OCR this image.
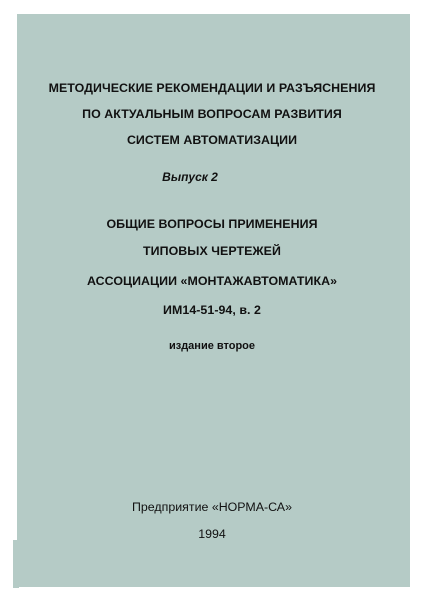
МЕТОДИЧЕСКИЕ РЕКОМЕНДАЦИИ И РАЗЪЯСНЕНИЯ
ПО АКТУАЛЬНЫМ ВОПРОСАМ РАЗВИТИЯ
СИСТЕМ АВТОМАТИЗАЦИИ
Выпуск 2
ОБЩИЕ ВОПРОСЫ ПРИМЕНЕНИЯ
ТИПОВЫХ ЧЕРТЕЖЕЙ
АССОЦИАЦИИ «МОНТАЖАВТОМАТИКА»
ИМ14-51-94, в. 2
издание второе
Предприятие «НОРМА-СА»
1994
